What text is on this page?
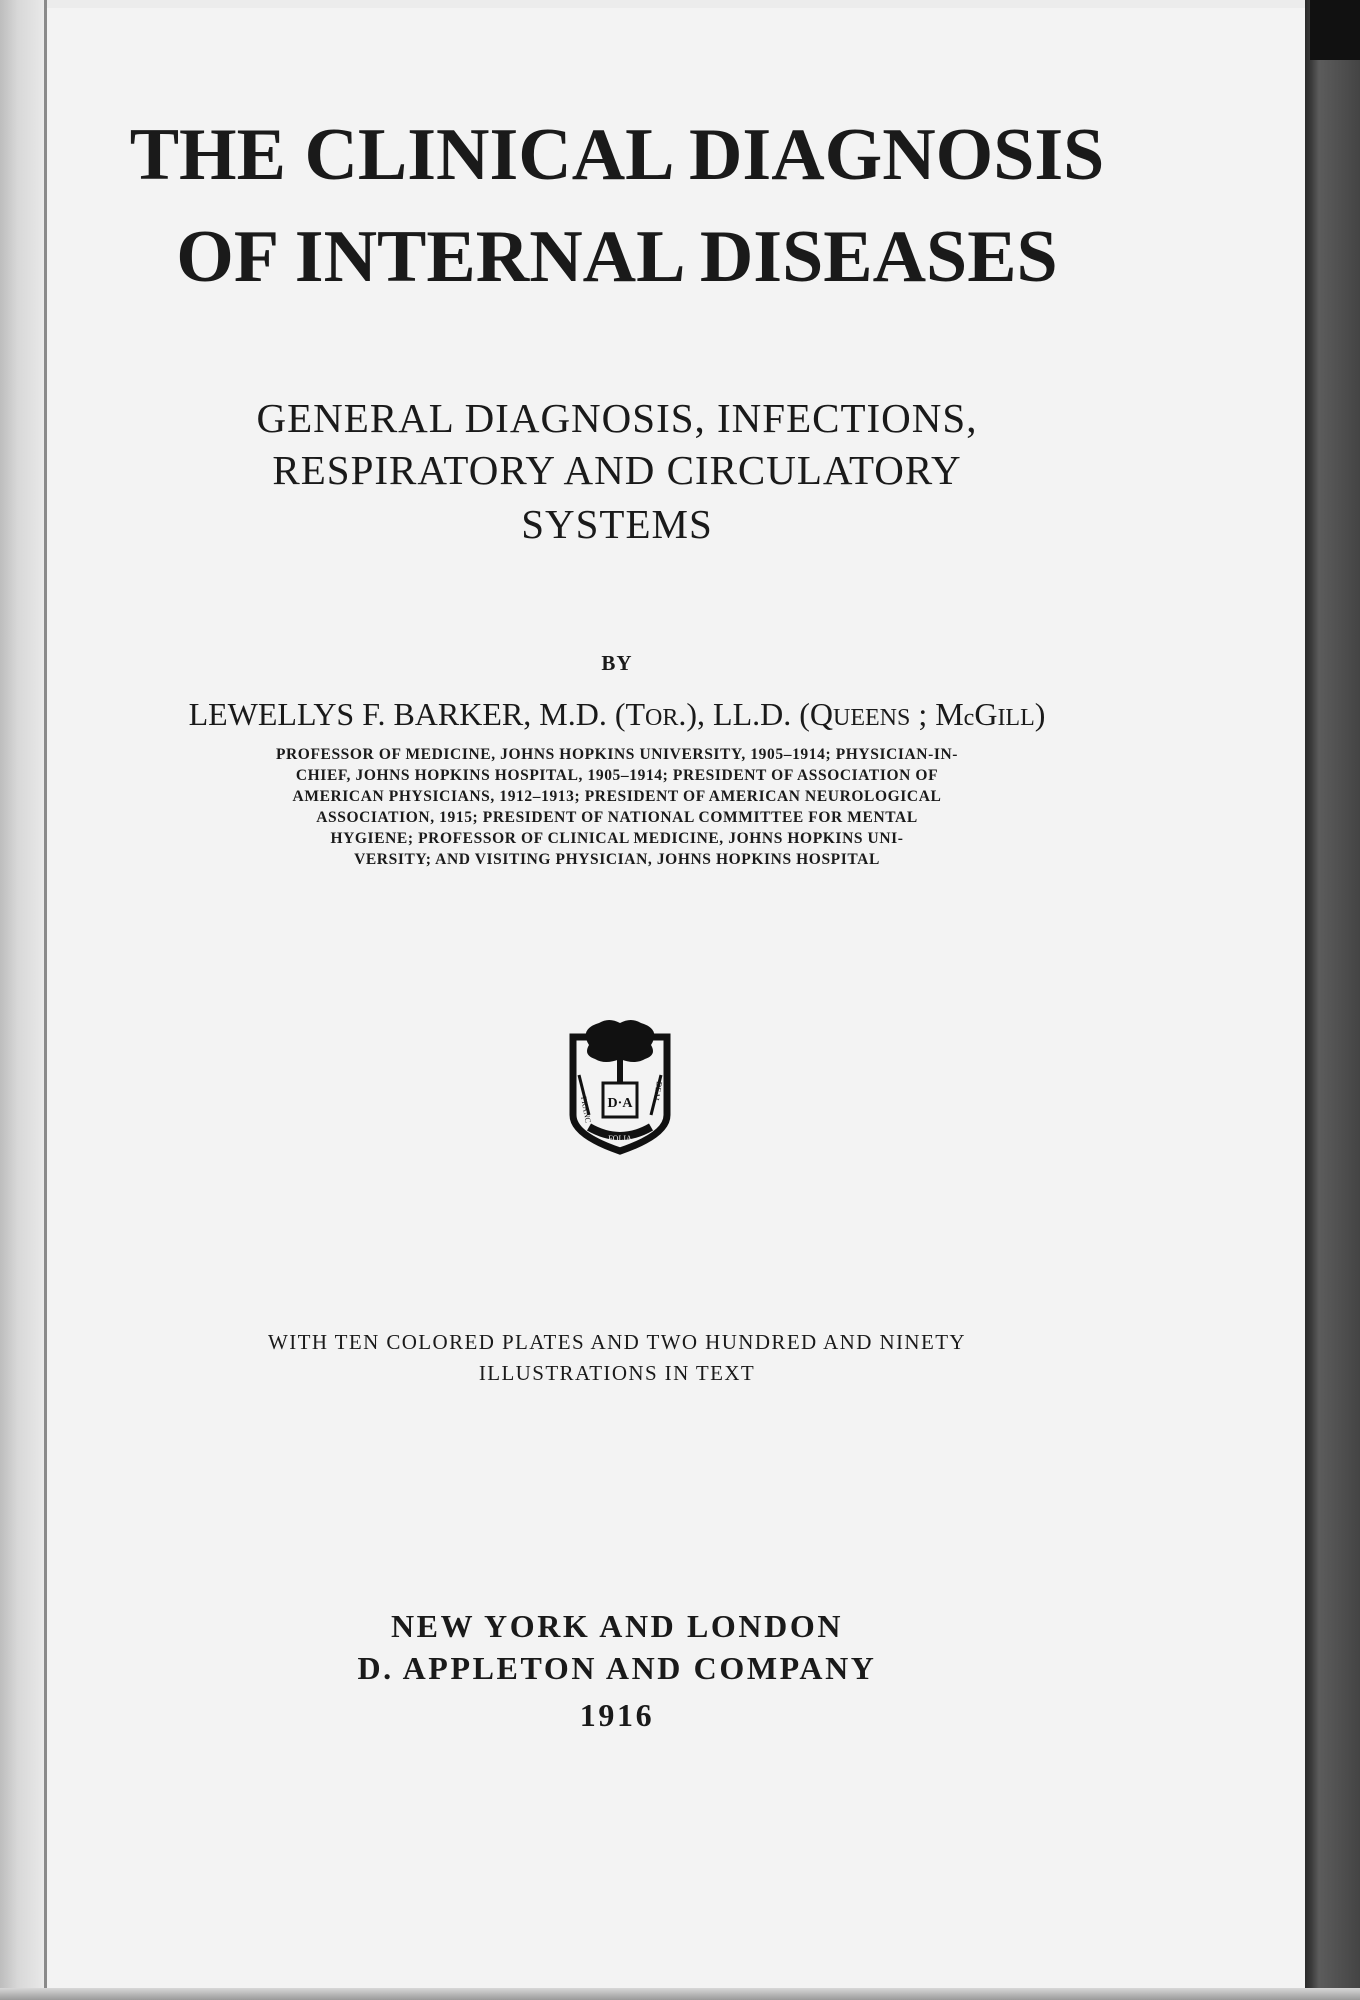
THE CLINICAL DIAGNOSIS
OF INTERNAL DISEASES
GENERAL DIAGNOSIS, INFECTIONS,
RESPIRATORY AND CIRCULATORY
SYSTEMS
BY
LEWELLYS F. BARKER, M.D. (TOR.), LL.D. (QUEENS ; McGILL)
PROFESSOR OF MEDICINE, JOHNS HOPKINS UNIVERSITY, 1905–1914; PHYSICIAN-IN-
CHIEF, JOHNS HOPKINS HOSPITAL, 1905–1914; PRESIDENT OF ASSOCIATION OF
AMERICAN PHYSICIANS, 1912–1913; PRESIDENT OF AMERICAN NEUROLOGICAL
ASSOCIATION, 1915; PRESIDENT OF NATIONAL COMMITTEE FOR MENTAL
HYGIENE; PROFESSOR OF CLINICAL MEDICINE, JOHNS HOPKINS UNI-
VERSITY; AND VISITING PHYSICIAN, JOHNS HOPKINS HOSPITAL
D·A
FRANC
DEAL
FOLIA
WITH TEN COLORED PLATES AND TWO HUNDRED AND NINETY
ILLUSTRATIONS IN TEXT
NEW YORK AND LONDON
D. APPLETON AND COMPANY
1916
